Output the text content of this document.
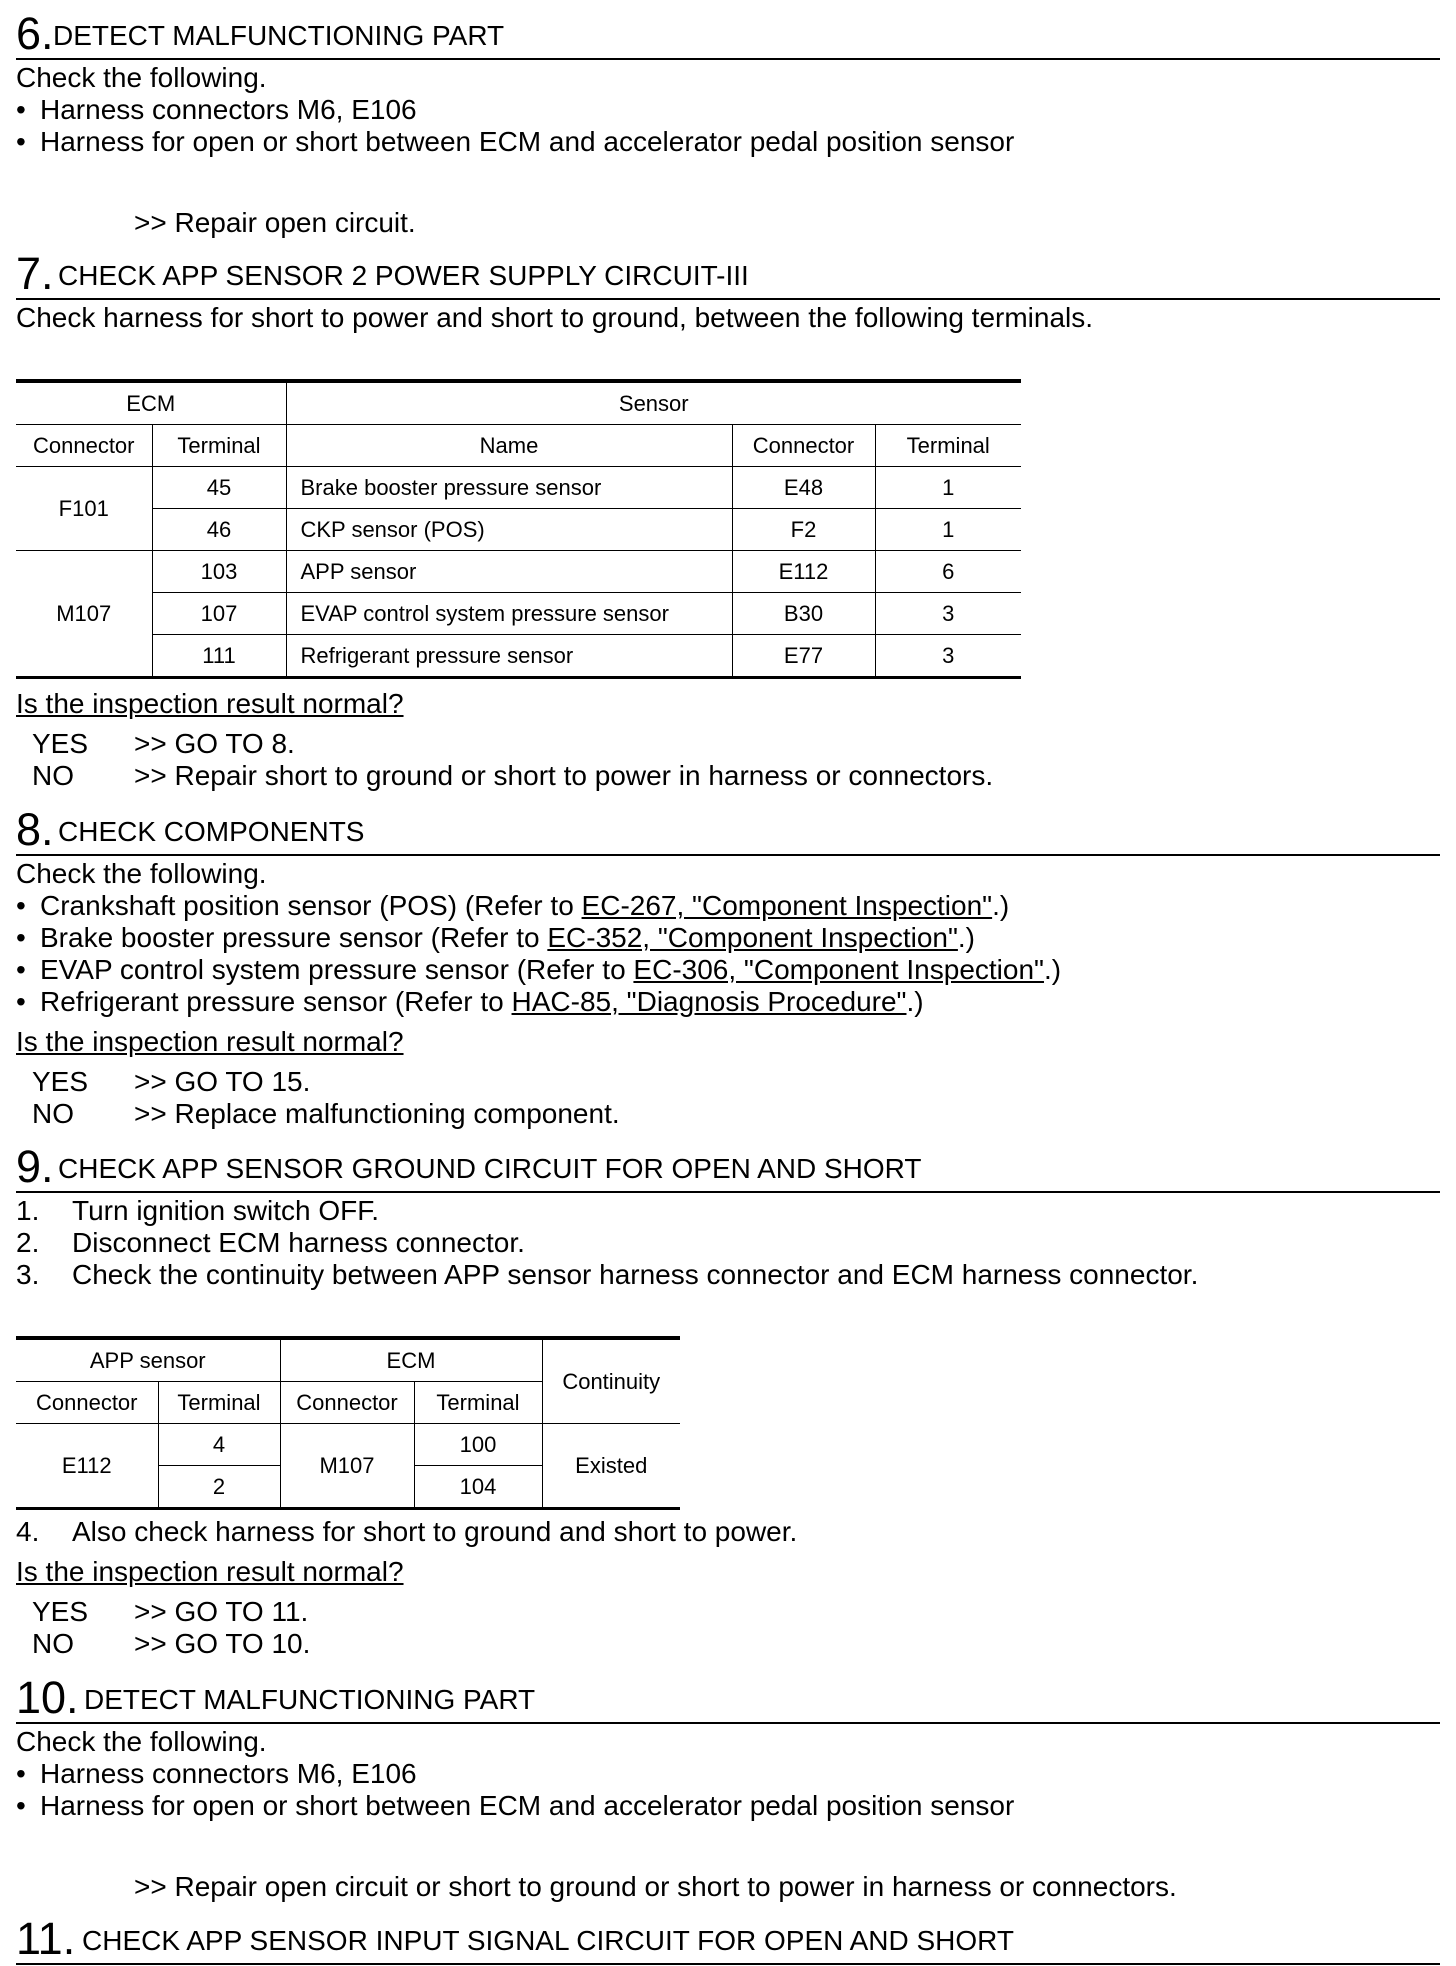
6. DETECT MALFUNCTIONING PART
Check the following.
• Harness connectors M6, E106
• Harness for open or short between ECM and accelerator pedal position sensor
>> Repair open circuit.
7. CHECK APP SENSOR 2 POWER SUPPLY CIRCUIT-III
Check harness for short to power and short to ground, between the following terminals.
ECM		Sensor		
Connector	Terminal	Name	Connector	Terminal
F101	45	Brake booster pressure sensor	E48	1
	46	CKP sensor (POS)	F2	1
M107	103	APP sensor	E112	6
	107	EVAP control system pressure sensor	B30	3
	111	Refrigerant pressure sensor	E77	3
Is the inspection result normal?
YES >> GO TO 8.
NO >> Repair short to ground or short to power in harness or connectors.
8. CHECK COMPONENTS
Check the following.
• Crankshaft position sensor (POS) (Refer to EC-267, "Component Inspection".)
• Brake booster pressure sensor (Refer to EC-352, "Component Inspection".)
• EVAP control system pressure sensor (Refer to EC-306, "Component Inspection".)
• Refrigerant pressure sensor (Refer to HAC-85, "Diagnosis Procedure".)
Is the inspection result normal?
YES >> GO TO 15.
NO >> Replace malfunctioning component.
9. CHECK APP SENSOR GROUND CIRCUIT FOR OPEN AND SHORT
1. Turn ignition switch OFF.
2. Disconnect ECM harness connector.
3. Check the continuity between APP sensor harness connector and ECM harness connector.
APP sensor		ECM		Continuity
Connector	Terminal	Connector	Terminal	
E112	4	M107	100	Existed
	2		104	
4. Also check harness for short to ground and short to power.
Is the inspection result normal?
YES >> GO TO 11.
NO >> GO TO 10.
10. DETECT MALFUNCTIONING PART
Check the following.
• Harness connectors M6, E106
• Harness for open or short between ECM and accelerator pedal position sensor
>> Repair open circuit or short to ground or short to power in harness or connectors.
11. CHECK APP SENSOR INPUT SIGNAL CIRCUIT FOR OPEN AND SHORT
